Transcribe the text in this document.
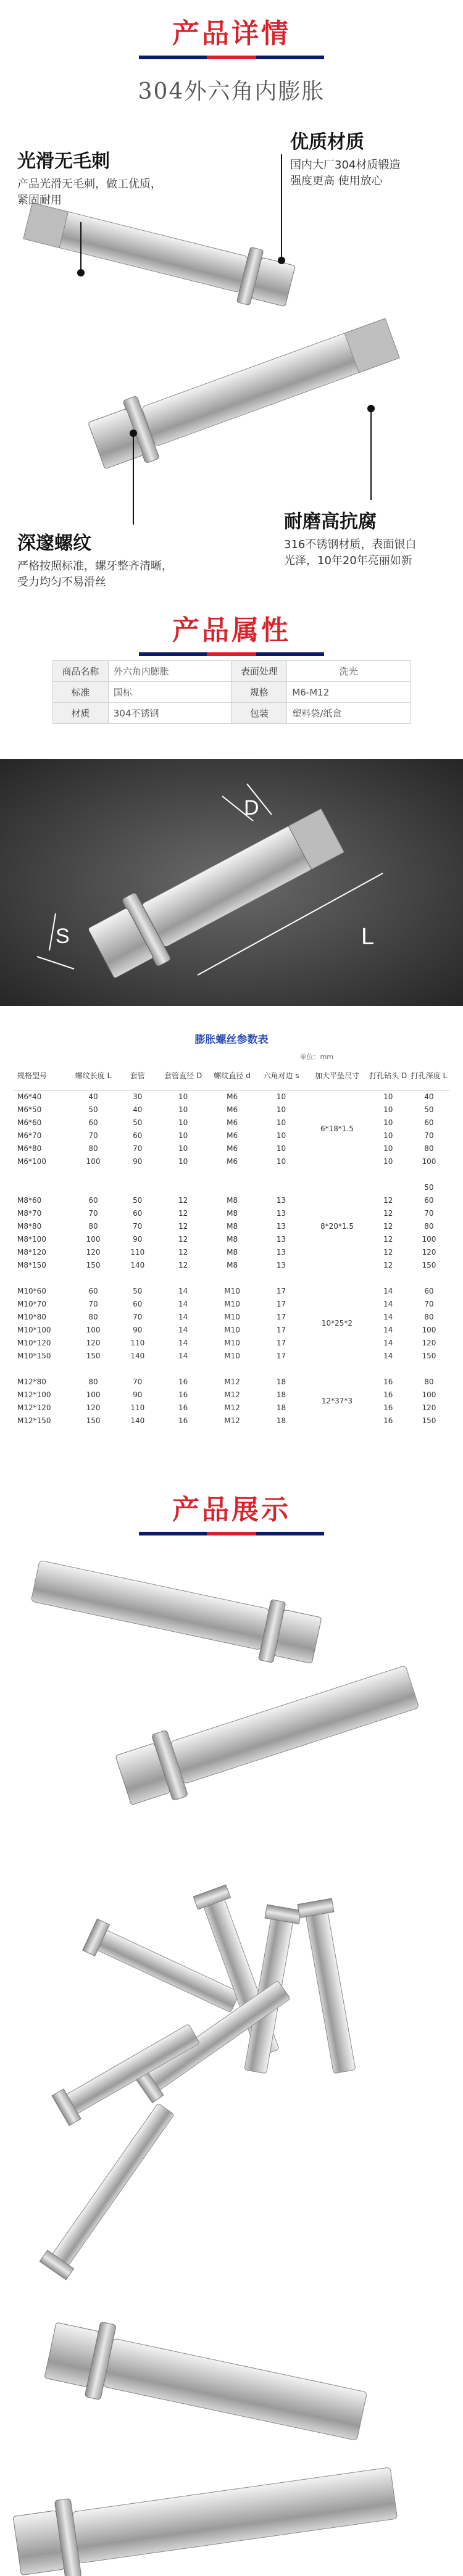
产品详情
304外六角内膨胀
光滑无毛刺
产品光滑无毛刺，做工优质，
紧固耐用
优质材质
国内大厂304材质锻造
强度更高 使用放心
深邃螺纹
严格按照标准，螺牙整齐清晰，
受力均匀不易滑丝
耐磨高抗腐
316不锈钢材质，表面银白
光泽，10年20年亮丽如新
产品属性
商品名称	外六角内膨胀	表面处理	洗光
标准	国标	规格	M6-M12
材质	304不锈钢	包装	塑料袋/纸盒
D
S	L
膨胀螺丝参数表
单位：mm
规格型号	螺纹长度 L	套管	套管直径 D	螺纹直径 d	六角对边 s	加大平垫尺寸	打孔钻头 D	打孔深度 L
M6*40	40	30	10	M6	10	6*18*1.5	10	40
M6*50	50	40	10	M6	10		10	50
M6*60	60	50	10	M6	10		10	60
M6*70	70	60	10	M6	10		10	70
M6*80	80	70	10	M6	10		10	80
M6*100	100	90	10	M6	10		10	100

						8*20*1.5		50
M8*60	60	50	12	M8	13		12	60
M8*70	70	60	12	M8	13		12	70
M8*80	80	70	12	M8	13		12	80
M8*100	100	90	12	M8	13		12	100
M8*120	120	110	12	M8	13		12	120
M8*150	150	140	12	M8	13		12	150

M10*60	60	50	14	M10	17	10*25*2	14	60
M10*70	70	60	14	M10	17		14	70
M10*80	80	70	14	M10	17		14	80
M10*100	100	90	14	M10	17		14	100
M10*120	120	110	14	M10	17		14	120
M10*150	150	140	14	M10	17		14	150

M12*80	80	70	16	M12	18	12*37*3	16	80
M12*100	100	90	16	M12	18		16	100
M12*120	120	110	16	M12	18		16	120
M12*150	150	140	16	M12	18		16	150
产品展示
